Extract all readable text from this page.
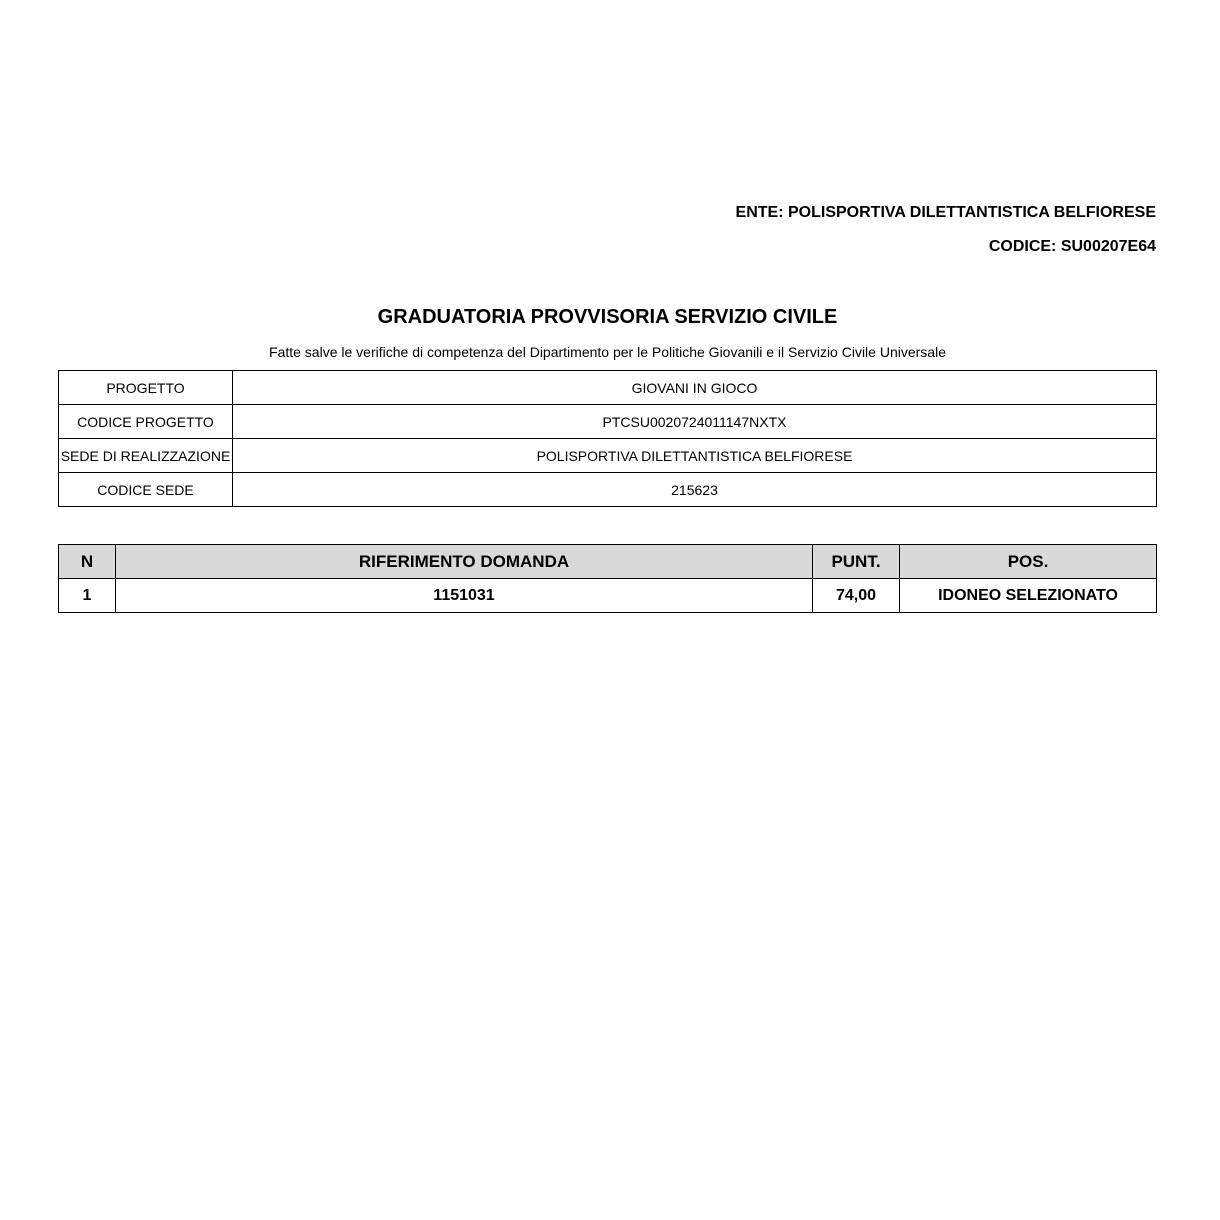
ENTE: POLISPORTIVA DILETTANTISTICA BELFIORESE
CODICE: SU00207E64
GRADUATORIA PROVVISORIA SERVIZIO CIVILE
Fatte salve le verifiche di competenza del Dipartimento per le Politiche Giovanili e il Servizio Civile Universale
PROGETTO	GIOVANI IN GIOCO
CODICE PROGETTO	PTCSU0020724011147NXTX
SEDE DI REALIZZAZIONE	POLISPORTIVA DILETTANTISTICA BELFIORESE
CODICE SEDE	215623
N	RIFERIMENTO DOMANDA	PUNT.	POS.
1	1151031	74,00	IDONEO SELEZIONATO
